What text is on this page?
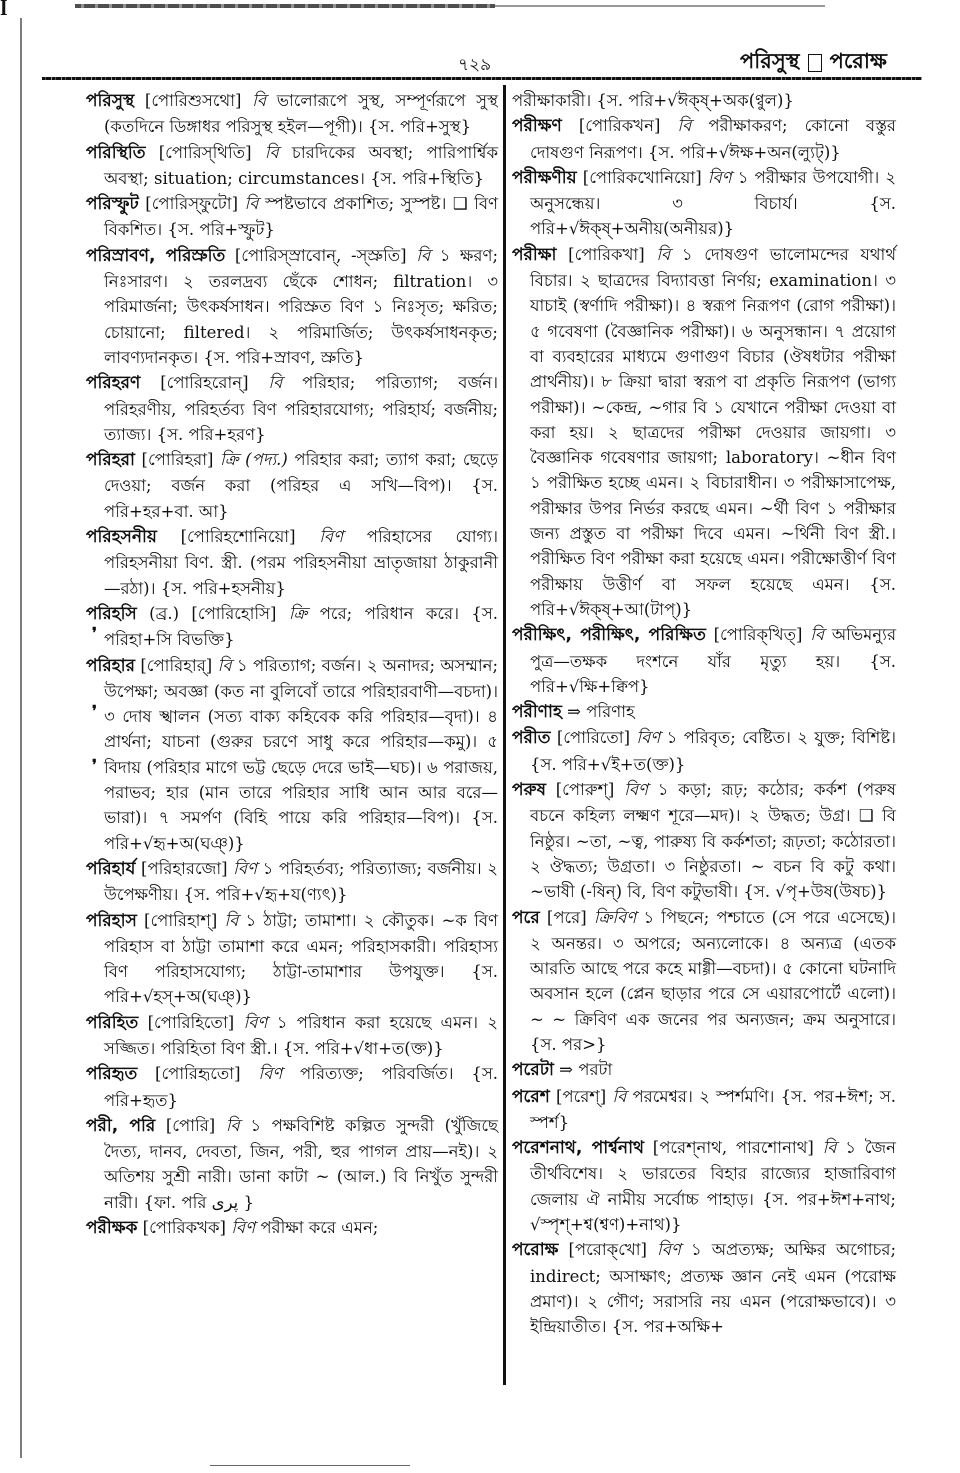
ꟾ
৭২৯	পরিসুস্থ পরোক্ষ
❜
❜
❜

পরিসুস্থ [পোরিশুসথো] বি ভালোরূপে সুস্থ, সম্পূর্ণরূপে সুস্থ (কতদিনে ডিঙ্গাধর পরিসুস্থ হইল—পূগী)। {স. পরি+সুস্থ}

পরিস্থিতি [পোরিস্‌থিতি] বি চারদিকের অবস্থা; পারিপার্শ্বিক অবস্থা; situation; circumstances। {স. পরি+স্থিতি}

পরিস্ফুট [পোরিস্‌ফুটো] বি স্পষ্টভাবে প্রকাশিত; সুস্পষ্ট। ❑ বিণ বিকশিত। {স. পরি+স্ফুট}

পরিস্রাবণ, পরিস্রুতি [পোরিস্‌স্রাবোন্‌, -স্‌স্রুতি] বি ১ ক্ষরণ; নিঃসারণ। ২ তরলদ্রব্য ছেঁকে শোধন; filtration। ৩ পরিমার্জনা; উৎকর্ষসাধন। পরিস্রুত বিণ ১ নিঃসৃত; ক্ষরিত; চোয়ানো; filtered। ২ পরিমার্জিত; উৎকর্ষসাধনকৃত; লাবণ্যদানকৃত। {স. পরি+স্রাবণ, স্রুতি}

পরিহরণ [পোরিহরোন্‌] বি পরিহার; পরিত্যাগ; বর্জন। পরিহরণীয়, পরিহর্তব্য বিণ পরিহারযোগ্য; পরিহার্য; বর্জনীয়; ত্যাজ্য। {স. পরি+হরণ}

পরিহরা [পোরিহরা] ক্রি (পদ্য.) পরিহার করা; ত্যাগ করা; ছেড়ে দেওয়া; বর্জন করা (পরিহর এ সখি—বিপ)। {স. পরি+হর+বা. আ}

পরিহসনীয় [পোরিহশোনিয়ো] বিণ পরিহাসের যোগ্য। পরিহসনীয়া বিণ. স্ত্রী. (পরম পরিহসনীয়া ভ্রাতৃজায়া ঠাকুরানী—রঠা)। {স. পরি+হসনীয়}

পরিহসি (ব্র.) [পোরিহোসি] ক্রি পরে; পরিধান করে। {স. পরিহা+সি বিভক্তি}

পরিহার [পোরিহার্‌] বি ১ পরিত্যাগ; বর্জন। ২ অনাদর; অসম্মান; উপেক্ষা; অবজ্ঞা (কত না বুলিবোঁ তারে পরিহারবাণী—বচদা)। ৩ দোষ স্খালন (সত্য বাক্য কহিবেক করি পরিহার—বৃদা)। ৪ প্রার্থনা; যাচনা (গুরুর চরণে সাধু করে পরিহার—কমু)। ৫ বিদায় (পরিহার মাগে ভট্ট ছেড়ে দেরে ভাই—ঘচ)। ৬ পরাজয়, পরাভব; হার (মান তারে পরিহার সাধি আন আর বরে— ভারা)। ৭ সমর্পণ (বিহি পায়ে করি পরিহার—বিপ)। {স. পরি+√হৃ+অ(ঘঞ্‌)}

পরিহার্য [পরিহারজো] বিণ ১ পরিহর্তব্য; পরিত্যাজ্য; বর্জনীয়। ২ উপেক্ষণীয়। {স. পরি+√হৃ+য(ণ্যৎ)}

পরিহাস [পোরিহাশ্‌] বি ১ ঠাট্টা; তামাশা। ২ কৌতুক। ~ক বিণ পরিহাস বা ঠাট্টা তামাশা করে এমন; পরিহাসকারী। পরিহাস্য বিণ পরিহাসযোগ্য; ঠাট্টা-তামাশার উপযুক্ত। {স. পরি+√হস্‌+অ(ঘঞ্‌)}

পরিহিত [পোরিহিতো] বিণ ১ পরিধান করা হয়েছে এমন। ২ সজ্জিত। পরিহিতা বিণ স্ত্রী.। {স. পরি+√ধা+ত(ক্ত)}

পরিহৃত [পোরিহৃতো] বিণ পরিত্যক্ত; পরিবর্জিত। {স. পরি+হৃত}

পরী, পরি [পোরি] বি ১ পক্ষবিশিষ্ট কল্পিত সুন্দরী (খুঁজিছে দৈত্য, দানব, দেবতা, জিন, পরী, হুর পাগল প্রায়—নই)। ২ অতিশয় সুশ্রী নারী। ডানা কাটা ~ (আল.) বি নিখুঁত সুন্দরী নারী। {ফা. পরি پری }

পরীক্ষক [পোরিকখক] বিণ পরীক্ষা করে এমন;

পরীক্ষাকারী। {স. পরি+√ঈক্ষ্‌+অক(ণ্বুল)}

পরীক্ষণ [পোরিকখন] বি পরীক্ষাকরণ; কোনো বস্তুর দোষগুণ নিরূপণ। {স. পরি+√ঈক্ষ+অন(ল্যুট্‌)}

পরীক্ষণীয় [পোরিকখোনিয়ো] বিণ ১ পরীক্ষার উপযোগী। ২ অনুসন্ধেয়। ৩ বিচার্য। {স. পরি+√ঈক্ষ্‌+অনীয়(অনীয়র)}

পরীক্ষা [পোরিকখা] বি ১ দোষগুণ ভালোমন্দের যথার্থ বিচার। ২ ছাত্রদের বিদ্যাবত্তা নির্ণয়; examination। ৩ যাচাই (স্বর্ণাদি পরীক্ষা)। ৪ স্বরূপ নিরূপণ (রোগ পরীক্ষা)। ৫ গবেষণা (বৈজ্ঞানিক পরীক্ষা)। ৬ অনুসন্ধান। ৭ প্রয়োগ বা ব্যবহারের মাধ্যমে গুণাগুণ বিচার (ঔষধটার পরীক্ষা প্রার্থনীয়)। ৮ ক্রিয়া দ্বারা স্বরূপ বা প্রকৃতি নিরূপণ (ভাগ্য পরীক্ষা)। ~কেন্দ্র, ~গার বি ১ যেখানে পরীক্ষা দেওয়া বা করা হয়। ২ ছাত্রদের পরীক্ষা দেওয়ার জায়গা। ৩ বৈজ্ঞানিক গবেষণার জায়গা; laboratory। ~ধীন বিণ ১ পরীক্ষিত হচ্ছে এমন। ২ বিচারাধীন। ৩ পরীক্ষাসাপেক্ষ, পরীক্ষার উপর নির্ভর করছে এমন। ~র্থী বিণ ১ পরীক্ষার জন্য প্রস্তুত বা পরীক্ষা দিবে এমন। ~র্থিনী বিণ স্ত্রী.। পরীক্ষিত বিণ পরীক্ষা করা হয়েছে এমন। পরীক্ষোত্তীর্ণ বিণ পরীক্ষায় উত্তীর্ণ বা সফল হয়েছে এমন। {স. পরি+√ঈক্ষ্‌+আ(টাপ্‌)}

পরীক্ষিৎ, পরীক্ষিৎ, পরিক্ষিত [পোরিক্‌খিত্‌] বি অভিমন্যুর পুত্র—তক্ষক দংশনে যাঁর মৃত্যু হয়। {স. পরি+√ক্ষি+ক্বিপ}

পরীণাহ ⇒ পরিণাহ

পরীত [পোরিতো] বিণ ১ পরিবৃত; বেষ্টিত। ২ যুক্ত; বিশিষ্ট। {স. পরি+√ই+ত(ক্ত)}

পরুষ [পোরুশ্‌] বিণ ১ কড়া; রূঢ়; কঠোর; কর্কশ (পরুষ বচনে কহিল্য লক্ষ্মণ শূরে—মদ)। ২ উদ্ধত; উগ্র। ❑ বি নিষ্ঠুর। ~তা, ~ত্ব, পারুষ্য বি কর্কশতা; রূঢ়তা; কঠোরতা। ২ ঔদ্ধত্য; উগ্রতা। ৩ নিষ্ঠুরতা। ~ বচন বি কটু কথা। ~ভাষী (-ষিন্‌) বি, বিণ কটুভাষী। {স. √পৃ+উষ(উষচ)}

পরে [পরে] ক্রিবিণ ১ পিছনে; পশ্চাতে (সে পরে এসেছে)। ২ অনন্তর। ৩ অপরে; অন্যলোকে। ৪ অন্যত্র (এতক আরতি আছে পরে কহে মাগ্গী—বচদা)। ৫ কোনো ঘটনাদি অবসান হলে (প্লেন ছাড়ার পরে সে এয়ারপোর্টে এলো)। ~ ~ ক্রিবিণ এক জনের পর অন্যজন; ক্রম অনুসারে। {স. পর>}

পরেটা ⇒ পরটা

পরেশ [পরেশ্‌] বি পরমেশ্বর। ২ স্পর্শমণি। {স. পর+ঈশ; স. স্পর্শ}

পরেশনাথ, পার্শ্বনাথ [পরেশ্‌নাথ, পারশোনাথ] বি ১ জৈন তীর্থবিশেষ। ২ ভারতের বিহার রাজ্যের হাজারিবাগ জেলায় ঐ নামীয় সর্বোচ্চ পাহাড়। {স. পর+ঈশ+নাথ; √স্পৃশ্‌+শ্ব(শ্বণ)+নাথ)}

পরোক্ষ [পরোক্‌খো] বিণ ১ অপ্রত্যক্ষ; অক্ষির অগোচর; indirect; অসাক্ষাৎ; প্রত্যক্ষ জ্ঞান নেই এমন (পরোক্ষ প্রমাণ)। ২ গৌণ; সরাসরি নয় এমন (পরোক্ষভাবে)। ৩ ইন্দ্রিয়াতীত। {স. পর+অক্ষি+
